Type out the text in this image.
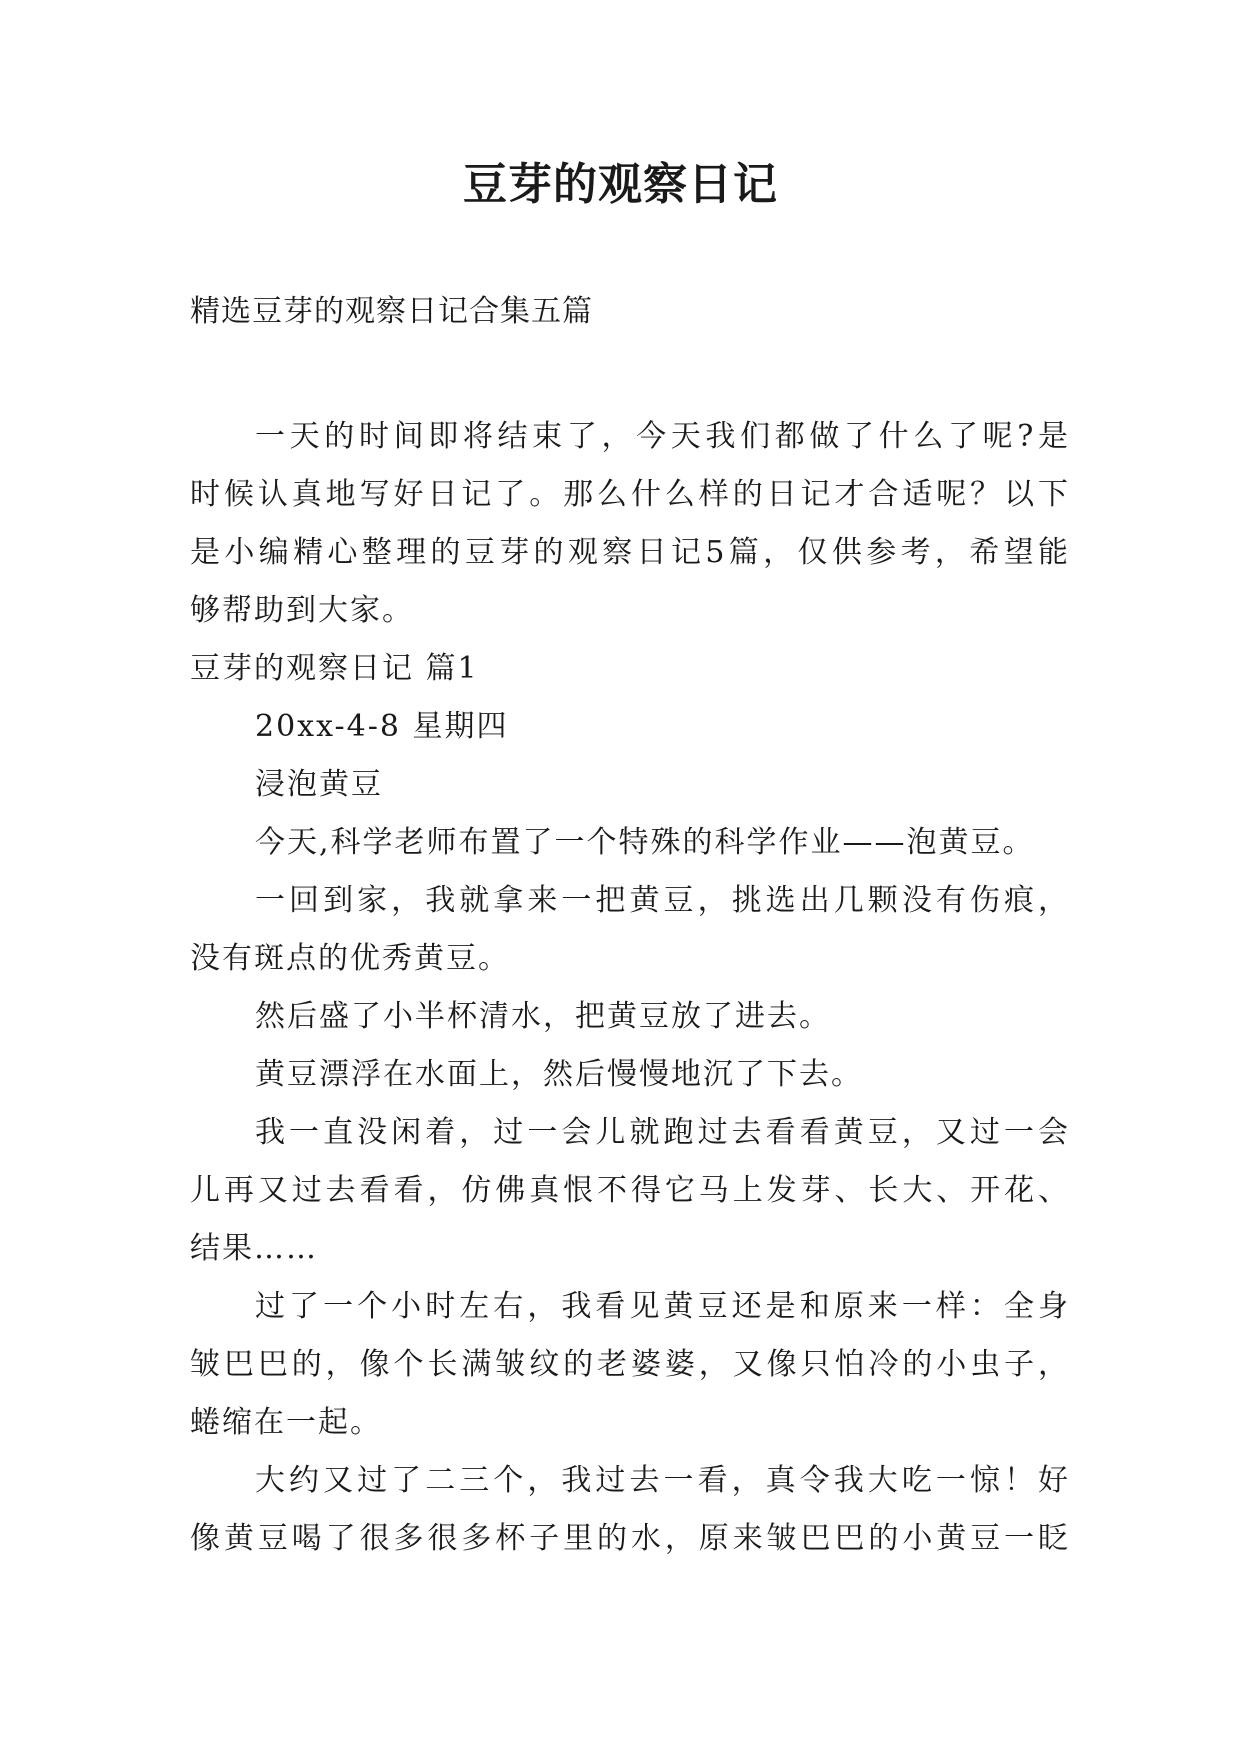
豆芽的观察日记
精选豆芽的观察日记合集五篇
一天的时间即将结束了，今天我们都做了什么了呢?是
时候认真地写好日记了。那么什么样的日记才合适呢？以下
是小编精心整理的豆芽的观察日记5篇，仅供参考，希望能
够帮助到大家。
豆芽的观察日记 篇1
20xx-4-8 星期四
浸泡黄豆
今天,科学老师布置了一个特殊的科学作业——泡黄豆。
一回到家，我就拿来一把黄豆，挑选出几颗没有伤痕，
没有斑点的优秀黄豆。
然后盛了小半杯清水，把黄豆放了进去。
黄豆漂浮在水面上，然后慢慢地沉了下去。
我一直没闲着，过一会儿就跑过去看看黄豆，又过一会
儿再又过去看看，仿佛真恨不得它马上发芽、长大、开花、
结果……
过了一个小时左右，我看见黄豆还是和原来一样：全身
皱巴巴的，像个长满皱纹的老婆婆，又像只怕冷的小虫子，
蜷缩在一起。
大约又过了二三个，我过去一看，真令我大吃一惊！好
像黄豆喝了很多很多杯子里的水，原来皱巴巴的小黄豆一眨
